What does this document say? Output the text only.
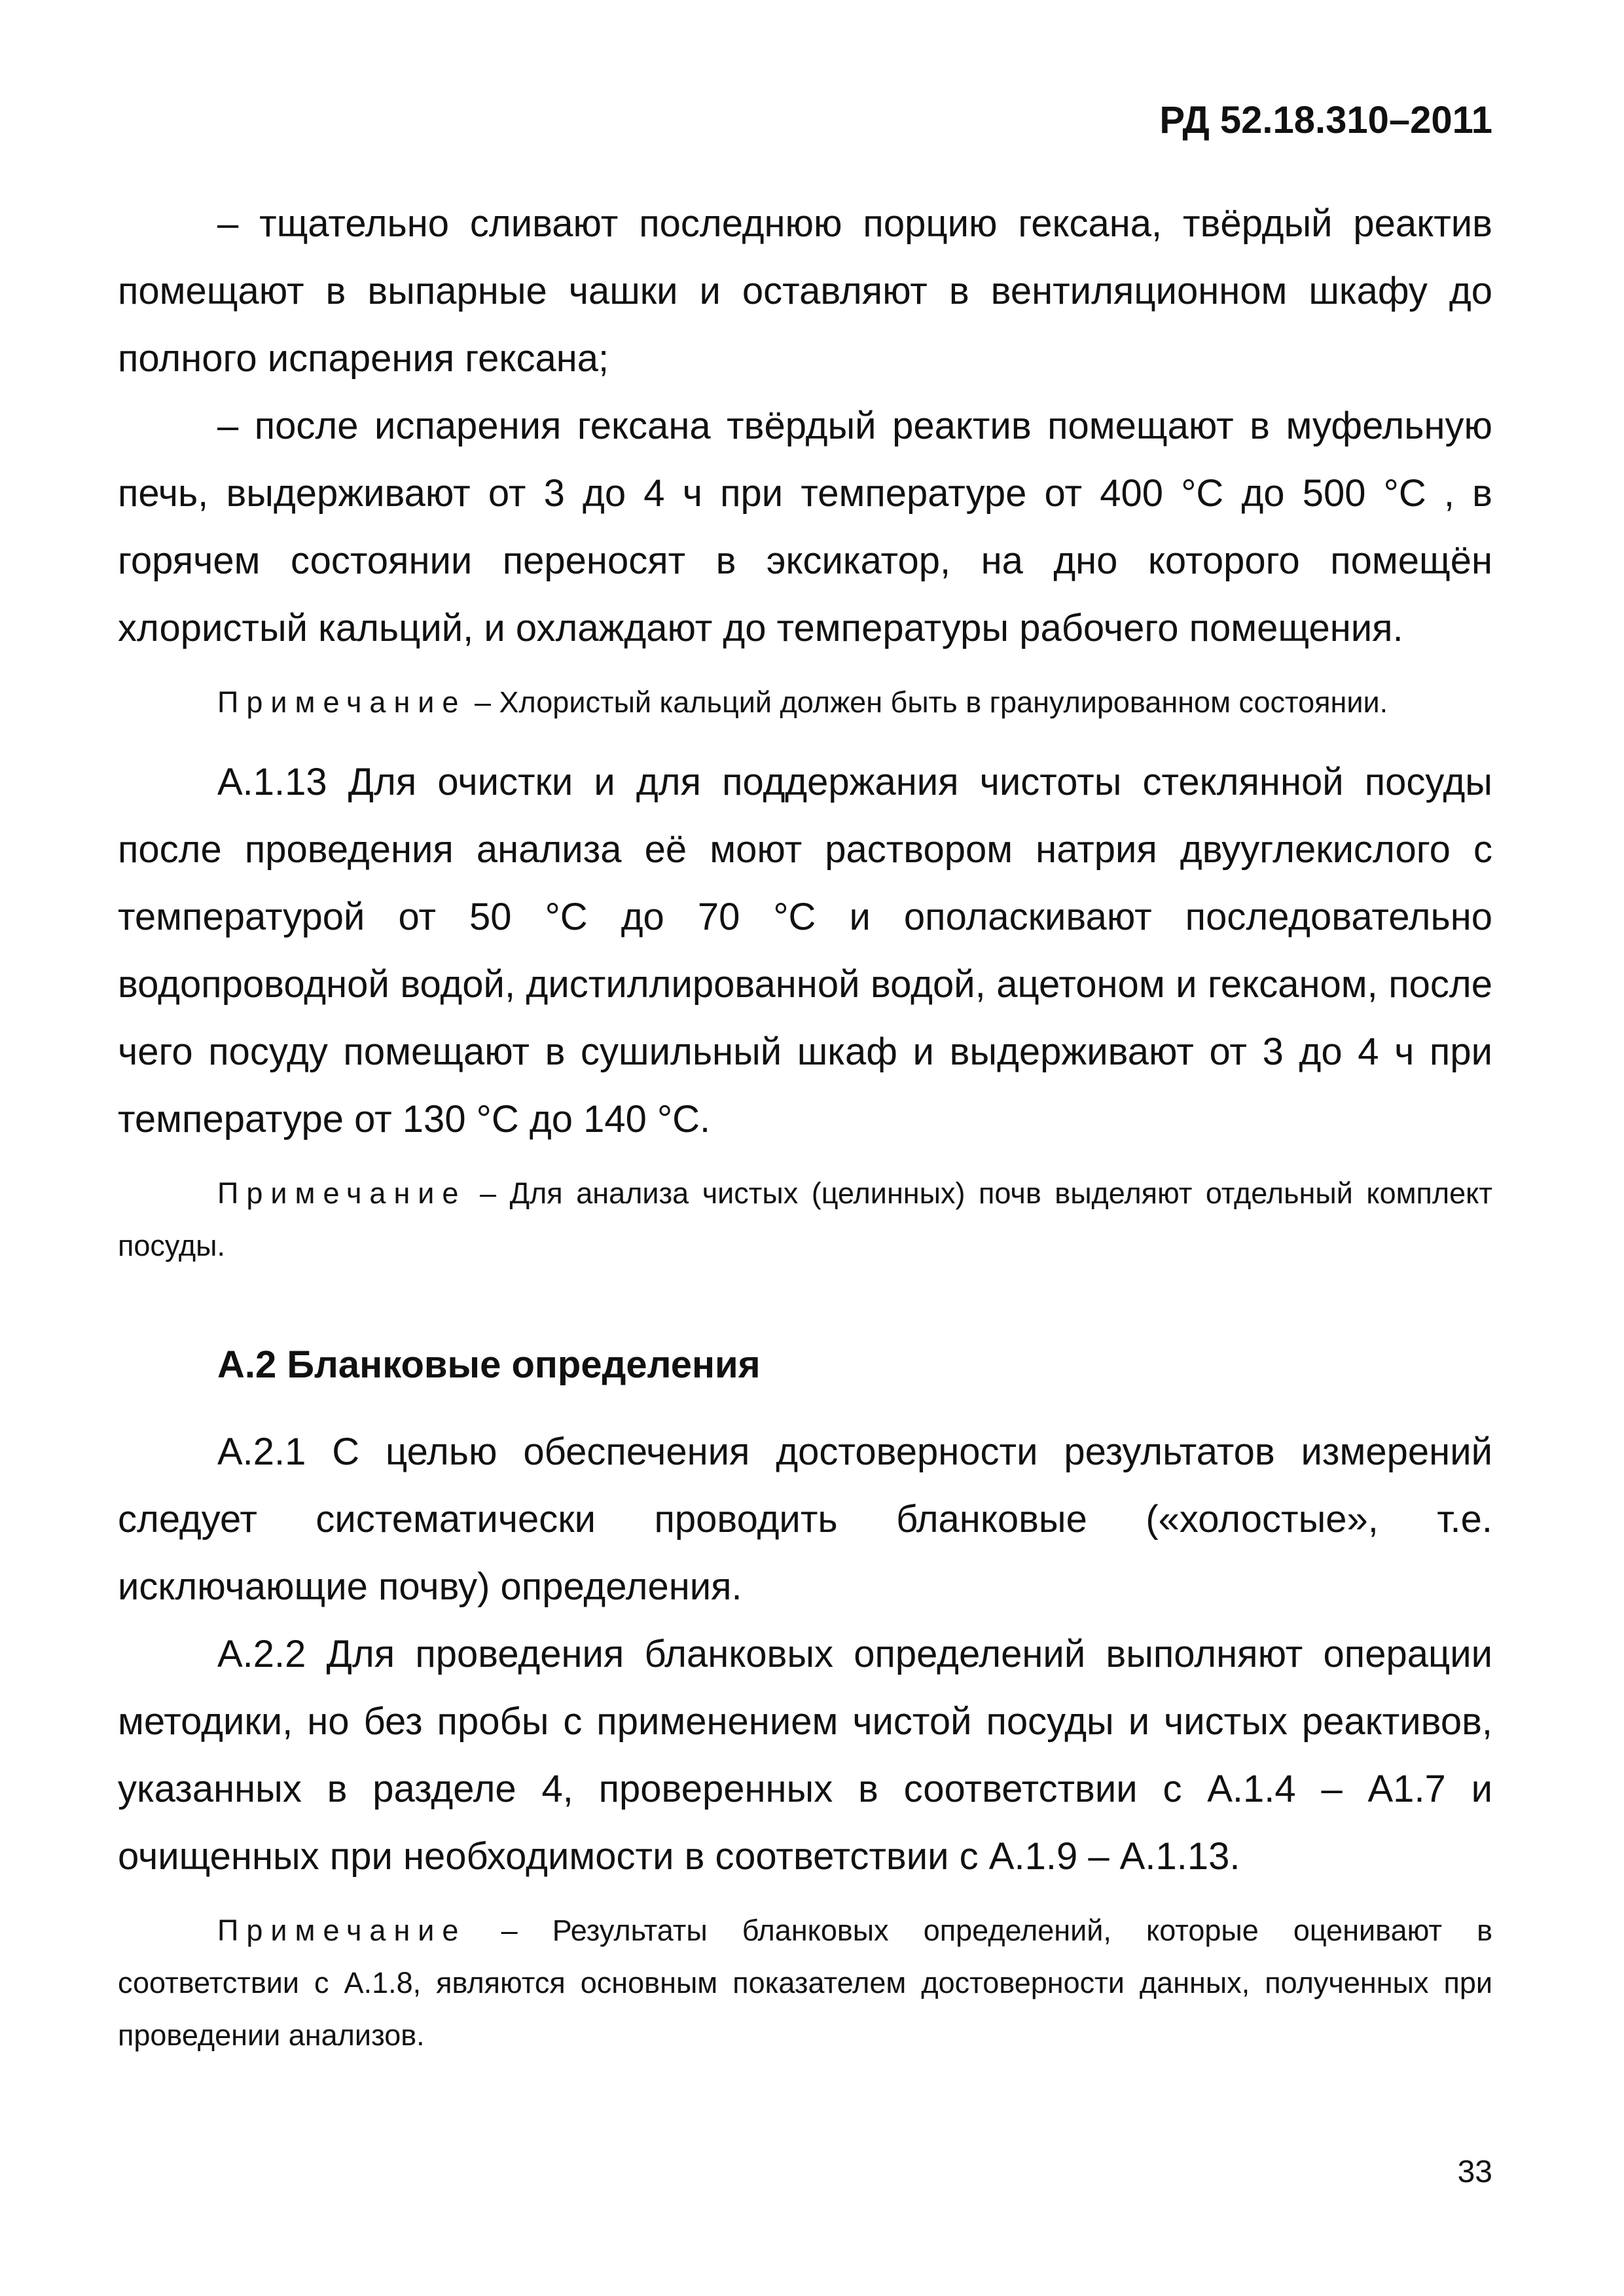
РД 52.18.310–2011

– тщательно сливают последнюю порцию гексана, твёрдый реактив помещают в выпарные чашки и оставляют в вентиляционном шкафу до полного испарения гексана;

– после испарения гексана твёрдый реактив помещают в муфельную печь, выдерживают от 3 до 4 ч при температуре от 400 °С до 500 °С , в горячем состоянии переносят в эксикатор, на дно которого помещён хлористый кальций, и охлаждают до температуры рабочего помещения.

Примечание – Хлористый кальций должен быть в гранулированном состоянии.

А.1.13 Для очистки и для поддержания чистоты стеклянной посуды после проведения анализа её моют раствором натрия двууглекислого с температурой от 50 °С до 70 °С и ополаскивают последовательно водопроводной водой, дистиллированной водой, ацетоном и гексаном, после чего посуду помещают в сушильный шкаф и выдерживают от 3 до 4 ч при температуре от 130 °С до 140 °С.

Примечание – Для анализа чистых (целинных) почв выделяют отдельный комплект посуды.

А.2 Бланковые определения

А.2.1 С целью обеспечения достоверности результатов измерений следует систематически проводить бланковые («холостые», т.е. исключающие почву) определения.

А.2.2 Для проведения бланковых определений выполняют операции методики, но без пробы с применением чистой посуды и чистых реактивов, указанных в разделе 4, проверенных в соответствии с А.1.4 – А1.7 и очищенных при необходимости в соответствии с А.1.9 – А.1.13.

Примечание – Результаты бланковых определений, которые оценивают в соответствии с А.1.8, являются основным показателем достоверности данных, полученных при проведении анализов.

33
